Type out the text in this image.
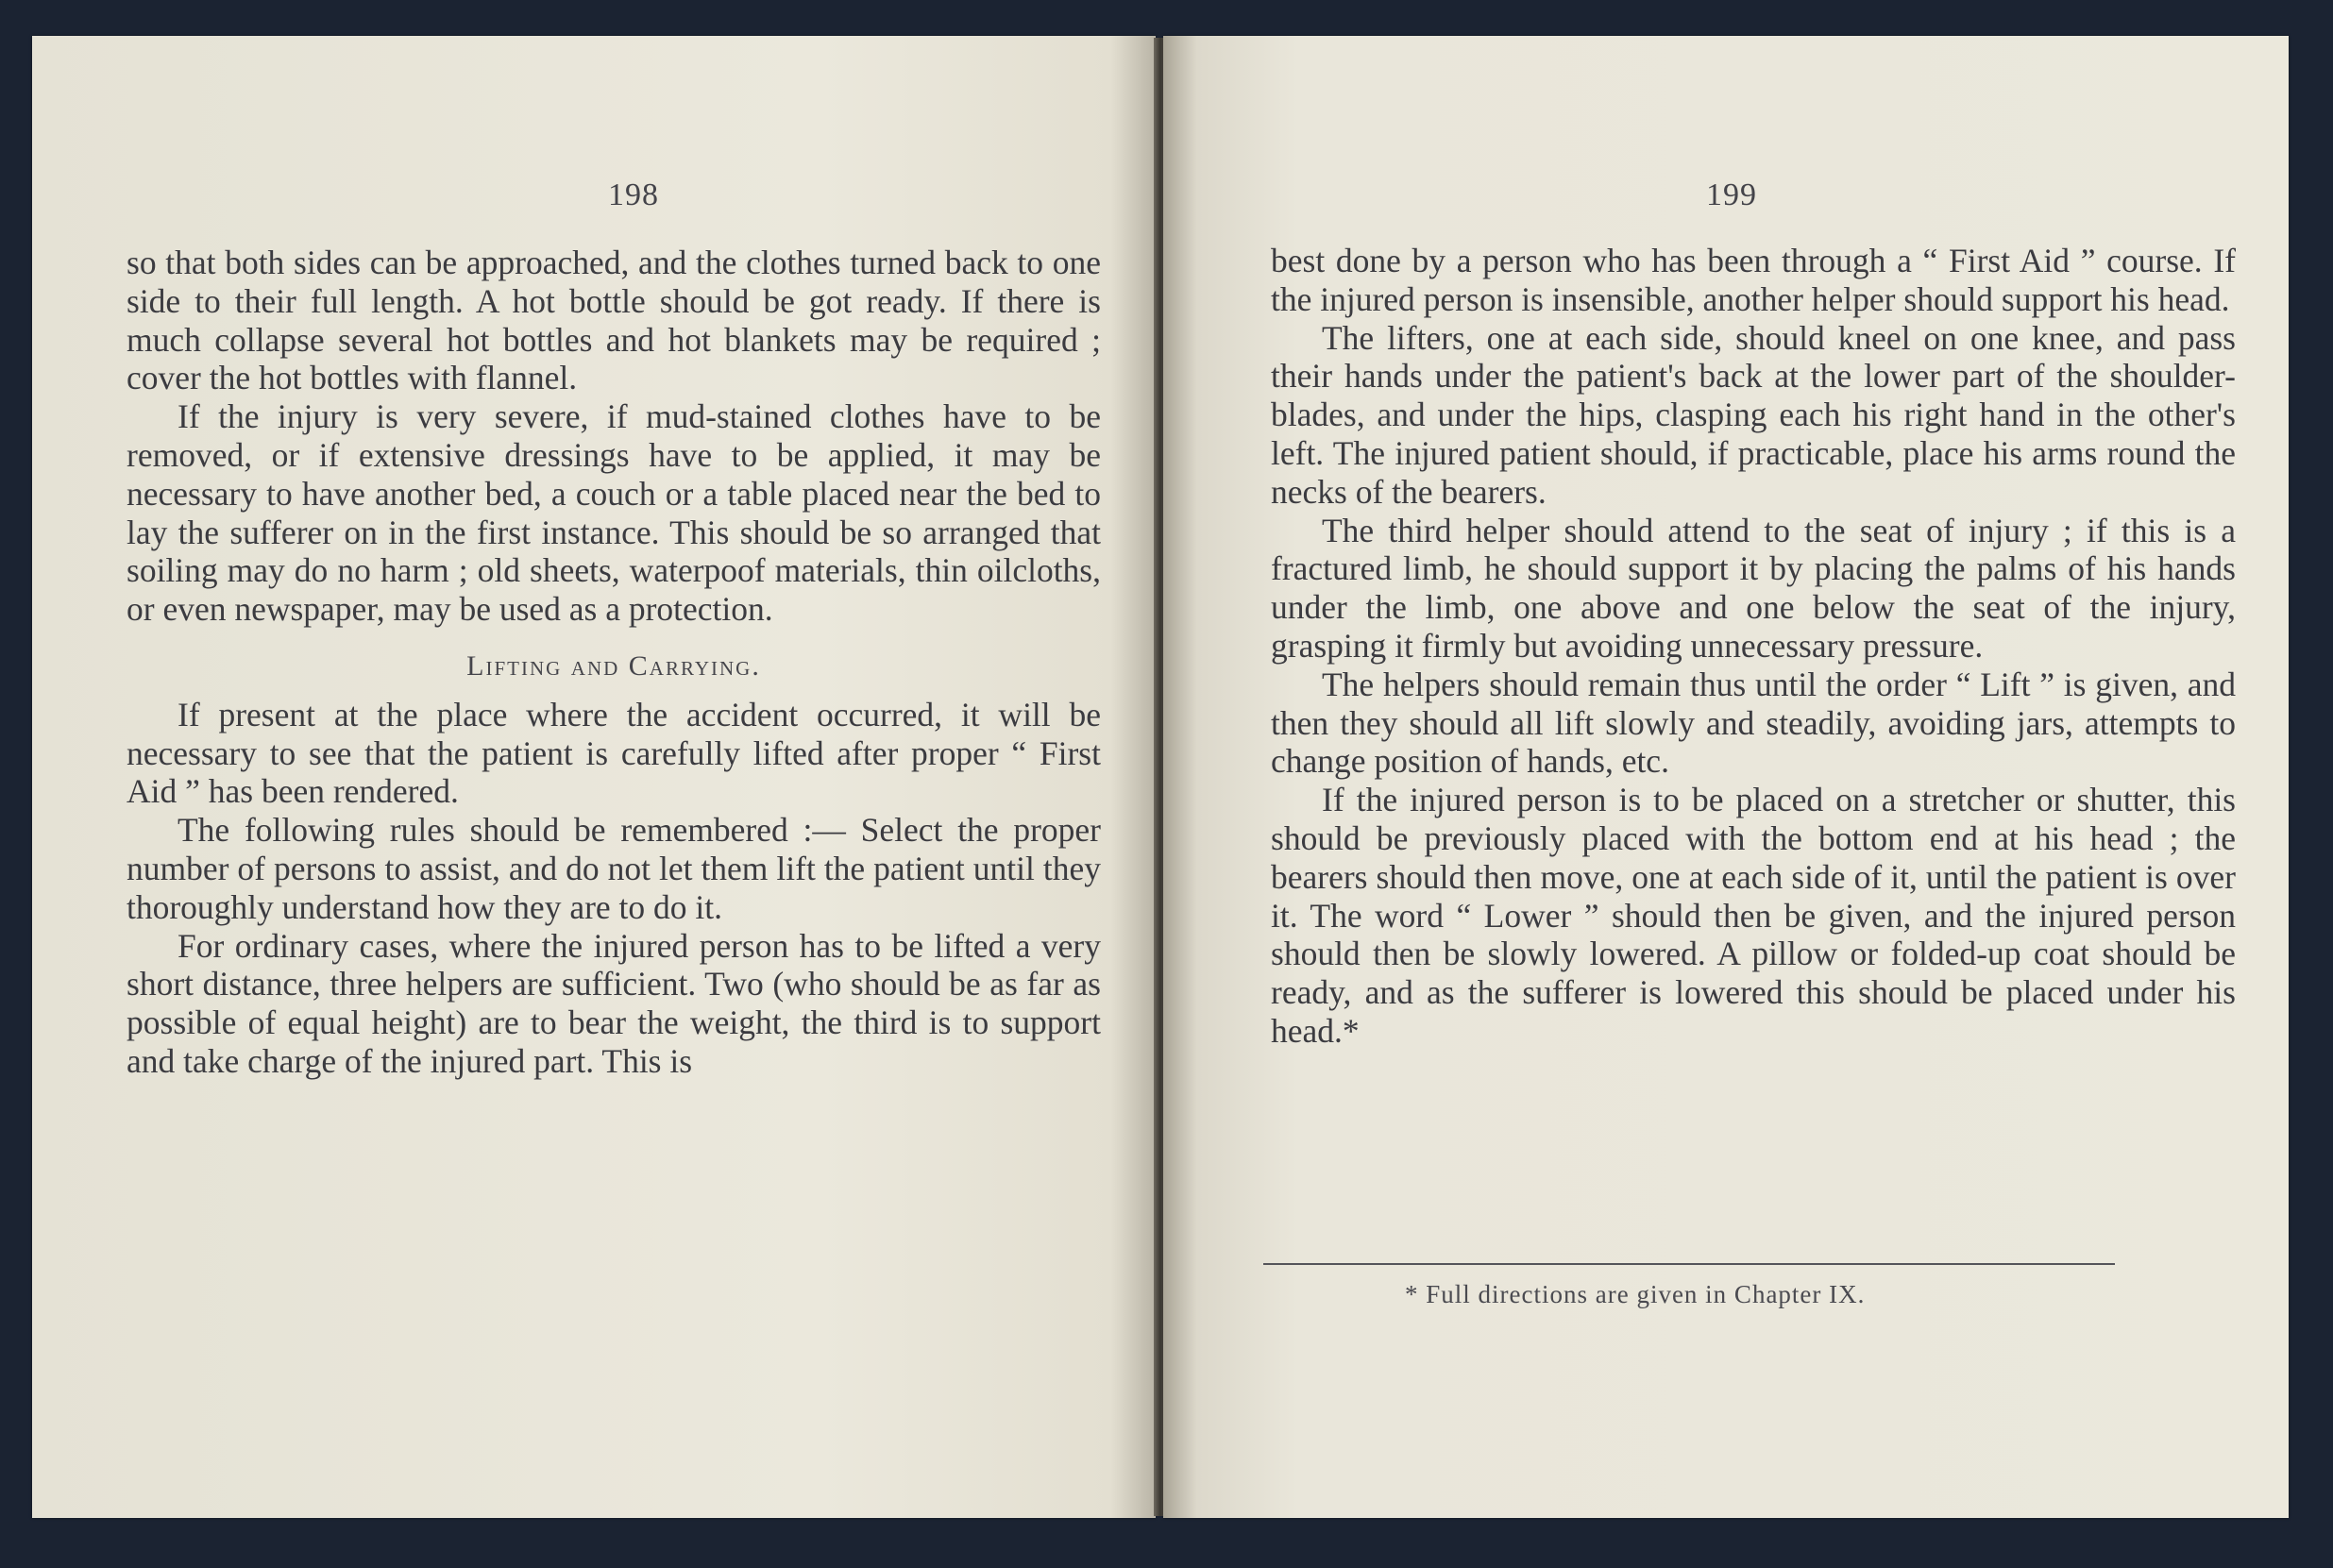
198

so that both sides can be approached, and the clothes turned back to one side to their full length. A hot bottle should be got ready. If there is much collapse several hot bottles and hot blankets may be required ; cover the hot bottles with flannel.

If the injury is very severe, if mud-stained clothes have to be removed, or if extensive dressings have to be applied, it may be necessary to have another bed, a couch or a table placed near the bed to lay the sufferer on in the first instance. This should be so arranged that soiling may do no harm ; old sheets, waterpoof materials, thin oilcloths, or even newspaper, may be used as a protection.

Lifting and Carrying.

If present at the place where the accident occurred, it will be necessary to see that the patient is carefully lifted after proper “ First Aid ” has been rendered.

The following rules should be remembered :— Select the proper number of persons to assist, and do not let them lift the patient until they thoroughly understand how they are to do it.

For ordinary cases, where the injured person has to be lifted a very short distance, three helpers are sufficient. Two (who should be as far as possible of equal height) are to bear the weight, the third is to support and take charge of the injured part. This is

199

best done by a person who has been through a “ First Aid ” course. If the injured person is insensible, another helper should support his head.

The lifters, one at each side, should kneel on one knee, and pass their hands under the patient's back at the lower part of the shoulder-blades, and under the hips, clasping each his right hand in the other's left. The injured patient should, if practicable, place his arms round the necks of the bearers.

The third helper should attend to the seat of injury ; if this is a fractured limb, he should support it by placing the palms of his hands under the limb, one above and one below the seat of the injury, grasping it firmly but avoiding unnecessary pressure.

The helpers should remain thus until the order “ Lift ” is given, and then they should all lift slowly and steadily, avoiding jars, attempts to change position of hands, etc.

If the injured person is to be placed on a stretcher or shutter, this should be previously placed with the bottom end at his head ; the bearers should then move, one at each side of it, until the patient is over it. The word “ Lower ” should then be given, and the injured person should then be slowly lowered. A pillow or folded-up coat should be ready, and as the sufferer is lowered this should be placed under his head.*

* Full directions are given in Chapter IX.
